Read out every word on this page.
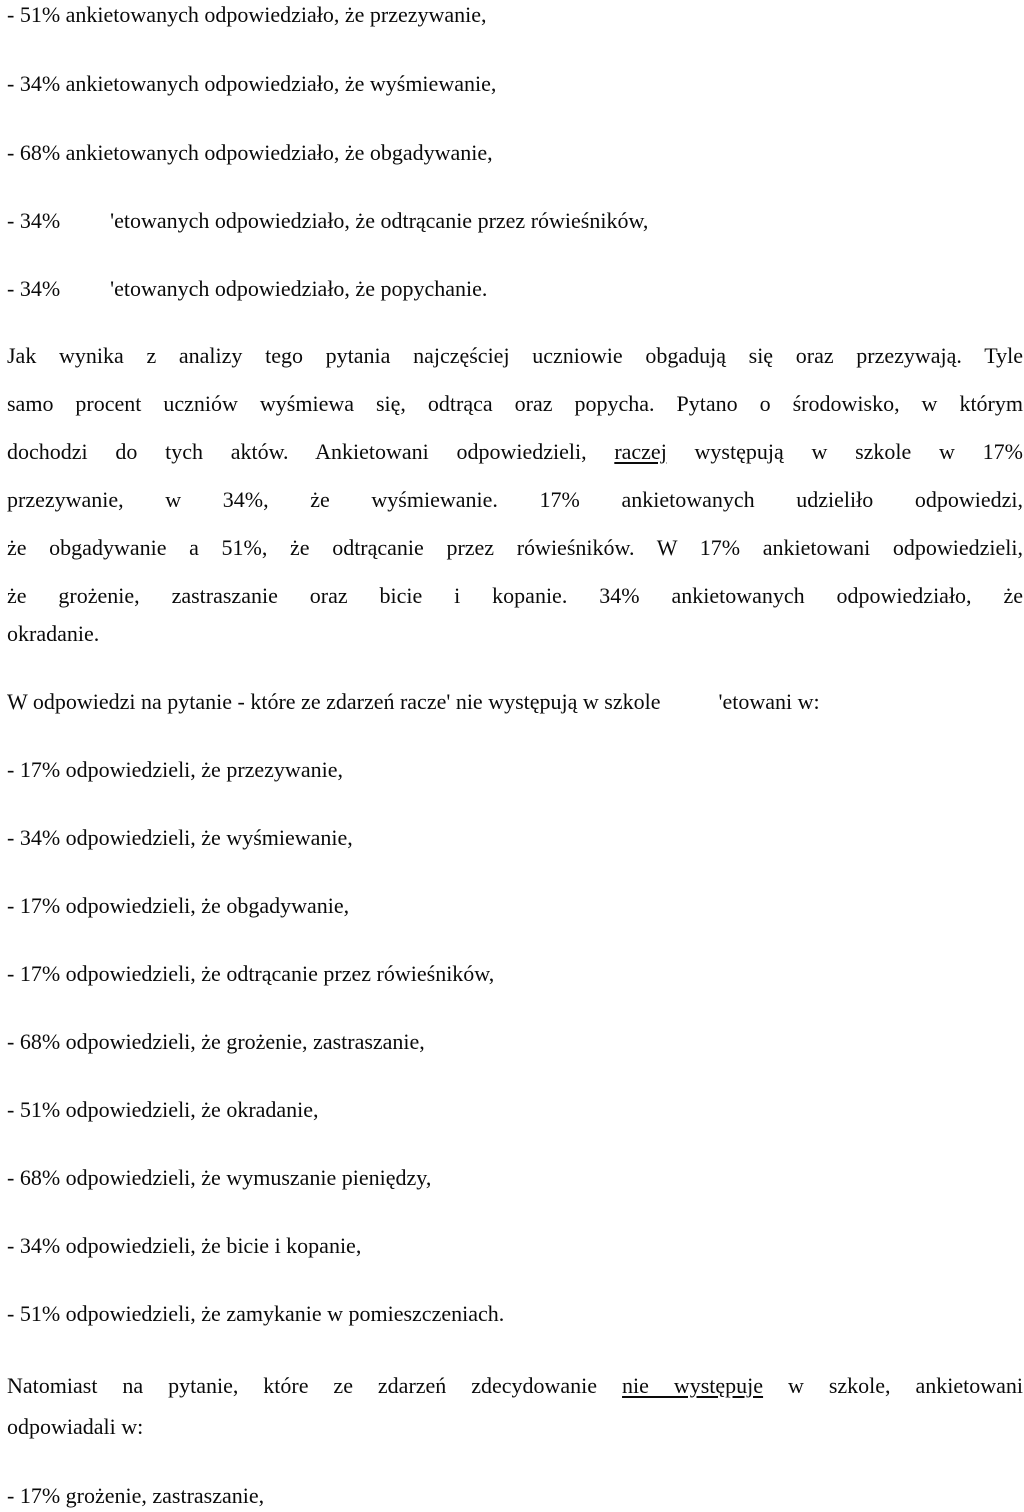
- 51% ankietowanych odpowiedziało, że przezywanie,
- 34% ankietowanych odpowiedziało, że wyśmiewanie,
- 68% ankietowanych odpowiedziało, że obgadywanie,
- 34% 'etowanych odpowiedziało, że odtrącanie przez rówieśników,
- 34% 'etowanych odpowiedziało, że popychanie.
Jak wynika z analizy tego pytania najczęściej uczniowie obgadują się oraz przezywają. Tyle
samo procent uczniów wyśmiewa się, odtrąca oraz popycha. Pytano o środowisko, w którym
dochodzi do tych aktów. Ankietowani odpowiedzieli, raczej występują w szkole w 17%
przezywanie, w 34%, że wyśmiewanie. 17% ankietowanych udzieliło odpowiedzi,
że obgadywanie a 51%, że odtrącanie przez rówieśników. W 17% ankietowani odpowiedzieli,
że grożenie, zastraszanie oraz bicie i kopanie. 34% ankietowanych odpowiedziało, że
okradanie.
W odpowiedzi na pytanie - które ze zdarzeń racze' nie występują w szkole	'etowani w:
- 17% odpowiedzieli, że przezywanie,
- 34% odpowiedzieli, że wyśmiewanie,
- 17% odpowiedzieli, że obgadywanie,
- 17% odpowiedzieli, że odtrącanie przez rówieśników,
- 68% odpowiedzieli, że grożenie, zastraszanie,
- 51% odpowiedzieli, że okradanie,
- 68% odpowiedzieli, że wymuszanie pieniędzy,
- 34% odpowiedzieli, że bicie i kopanie,
- 51% odpowiedzieli, że zamykanie w pomieszczeniach.
Natomiast na pytanie, które ze zdarzeń zdecydowanie nie występuje w szkole, ankietowani
odpowiadali w:
- 17% grożenie, zastraszanie,
